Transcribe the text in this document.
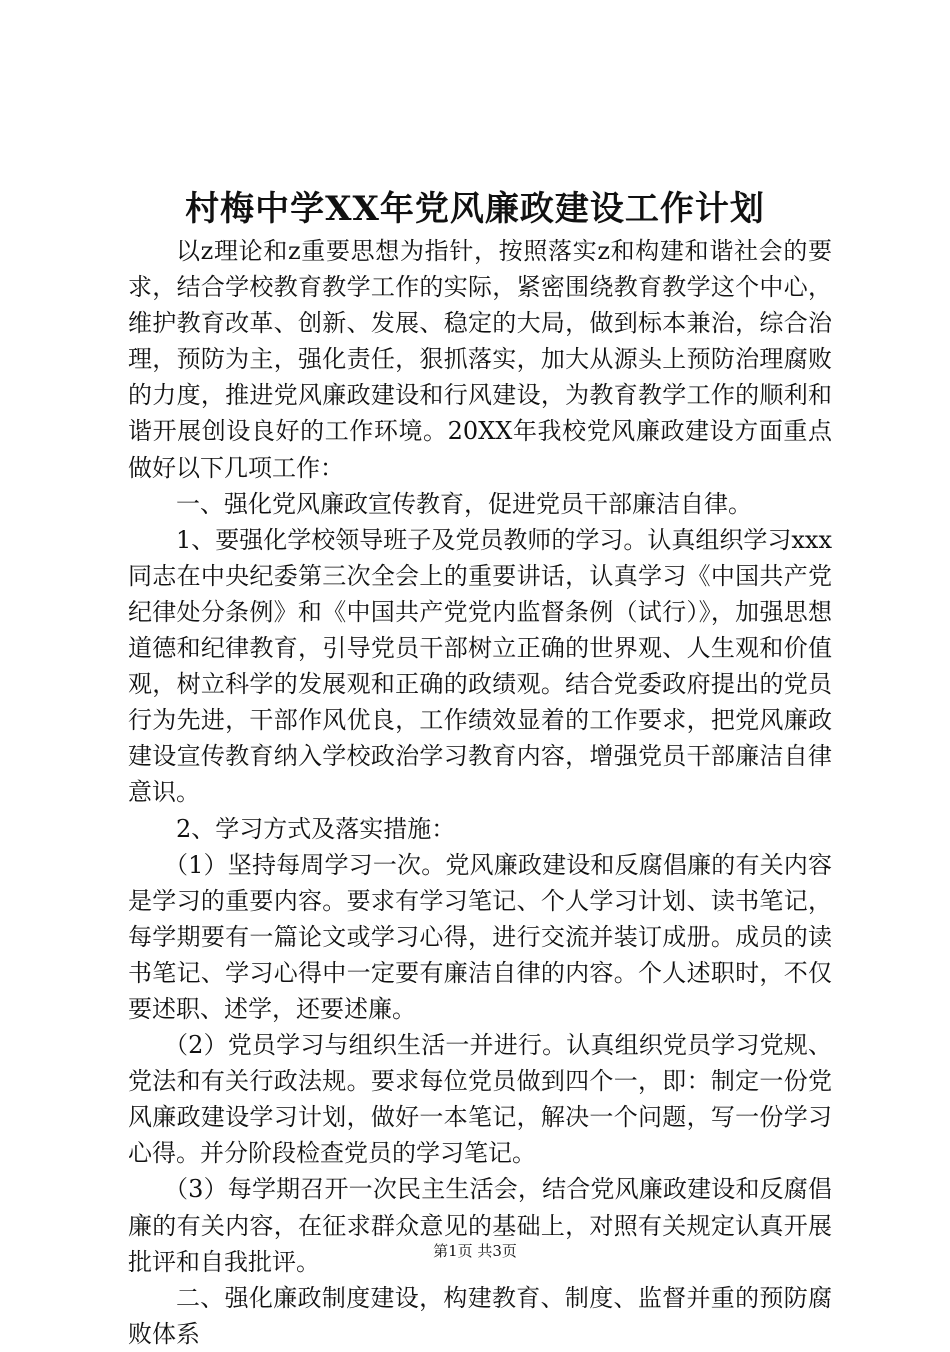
村梅中学XX年党风廉政建设工作计划

以z理论和z重要思想为指针，按照落实z和构建和谐社会的要求，结合学校教育教学工作的实际，紧密围绕教育教学这个中心，维护教育改革、创新、发展、稳定的大局，做到标本兼治，综合治理，预防为主，强化责任，狠抓落实，加大从源头上预防治理腐败的力度，推进党风廉政建设和行风建设，为教育教学工作的顺利和谐开展创设良好的工作环境。20XX年我校党风廉政建设方面重点做好以下几项工作：

一、强化党风廉政宣传教育，促进党员干部廉洁自律。

1、要强化学校领导班子及党员教师的学习。认真组织学习xxx同志在中央纪委第三次全会上的重要讲话，认真学习《中国共产党纪律处分条例》和《中国共产党党内监督条例（试行）》，加强思想道德和纪律教育，引导党员干部树立正确的世界观、人生观和价值观，树立科学的发展观和正确的政绩观。结合党委政府提出的党员行为先进，干部作风优良，工作绩效显着的工作要求，把党风廉政建设宣传教育纳入学校政治学习教育内容，增强党员干部廉洁自律意识。

2、学习方式及落实措施：

（1）坚持每周学习一次。党风廉政建设和反腐倡廉的有关内容是学习的重要内容。要求有学习笔记、个人学习计划、读书笔记，每学期要有一篇论文或学习心得，进行交流并装订成册。成员的读书笔记、学习心得中一定要有廉洁自律的内容。个人述职时，不仅要述职、述学，还要述廉。

（2）党员学习与组织生活一并进行。认真组织党员学习党规、党法和有关行政法规。要求每位党员做到四个一，即：制定一份党风廉政建设学习计划，做好一本笔记，解决一个问题，写一份学习心得。并分阶段检查党员的学习笔记。

（3）每学期召开一次民主生活会，结合党风廉政建设和反腐倡廉的有关内容，在征求群众意见的基础上，对照有关规定认真开展批评和自我批评。

二、强化廉政制度建设，构建教育、制度、监督并重的预防腐败体系

第1页 共3页
